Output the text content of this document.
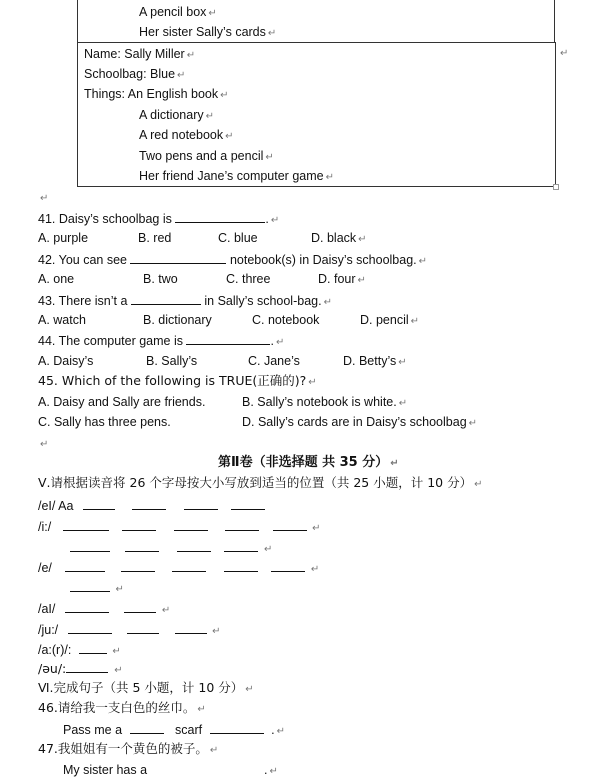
A pencil box ↵
Her sister Sally’s cards ↵
↵
Name: Sally Miller ↵
Schoolbag: Blue ↵
Things: An English book ↵
A dictionary ↵
A red notebook ↵
Two pens and a pencil ↵
Her friend Jane’s computer game ↵
↵
41. Daisy’s schoolbag is	. ↵
A. purple	B. red	C. blue	D. black ↵
42. You can see	notebook(s) in Daisy’s schoolbag. ↵
A. one	B. two	C. three	D. four ↵
43. There isn’t a	in Sally’s school-bag. ↵
A. watch	B. dictionary	C. notebook	D. pencil ↵
44. The computer game is	. ↵
A. Daisy’s	B. Sally’s	C. Jane’s	D. Betty’s ↵
45. Which of the following is TRUE(正确的)? ↵
A. Daisy and Sally are friends.	B. Sally’s notebook is white. ↵
C. Sally has three pens.	D. Sally’s cards are in Daisy’s schoolbag ↵
↵
第Ⅱ卷（非选择题 共 35 分） ↵
Ⅴ.请根据读音将 26 个字母按大小写放到适当的位置（共 25 小题，计 10 分） ↵
/eI/ Aa
/i:/	↵
↵
/e/	↵
↵
/aI/	↵
/ju:/	↵
/a:(r)/:	↵
/əu/:	↵
Ⅵ.完成句子（共 5 小题，计 10 分） ↵
46.请给我一支白色的丝巾。 ↵
Pass me a	scarf	. ↵
47.我姐姐有一个黄色的被子。 ↵
My sister has a	. ↵
